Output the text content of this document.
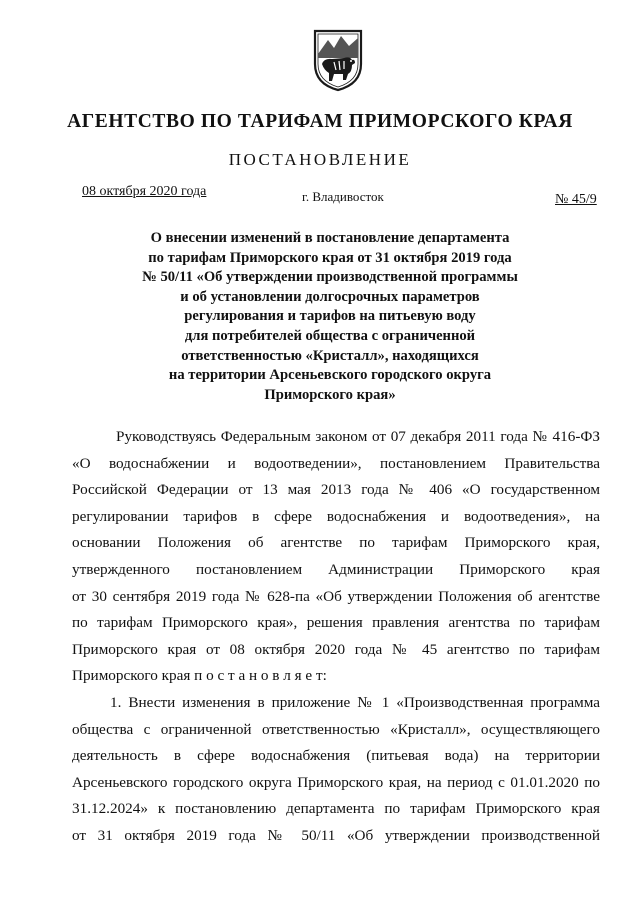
АГЕНТСТВО ПО ТАРИФАМ ПРИМОРСКОГО КРАЯ
ПОСТАНОВЛЕНИЕ
08 октября 2020 года	г. Владивосток	№ 45/9
О внесении изменений в постановление департамента
по тарифам Приморского края от 31 октября 2019 года
№ 50/11 «Об утверждении производственной программы
и об установлении долгосрочных параметров
регулирования и тарифов на питьевую воду
для потребителей общества с ограниченной
ответственностью «Кристалл», находящихся
на территории Арсеньевского городского округа
Приморского края»
Руководствуясь Федеральным законом от 07 декабря 2011 года № 416-ФЗ
«О водоснабжении и водоотведении», постановлением Правительства
Российской Федерации от 13 мая 2013 года № 406 «О государственном
регулировании тарифов в сфере водоснабжения и водоотведения», на
основании Положения об агентстве по тарифам Приморского края,
утвержденного постановлением Администрации Приморского края
от 30 сентября 2019 года № 628-па «Об утверждении Положения об агентстве
по тарифам Приморского края», решения правления агентства по тарифам
Приморского края от 08 октября 2020 года № 45 агентство по тарифам
Приморского края п о с т а н о в л я е т:
1. Внести изменения в приложение № 1 «Производственная программа
общества с ограниченной ответственностью «Кристалл», осуществляющего
деятельность в сфере водоснабжения (питьевая вода) на территории
Арсеньевского городского округа Приморского края, на период с 01.01.2020 по
31.12.2024» к постановлению департамента по тарифам Приморского края
от 31 октября 2019 года № 50/11 «Об утверждении производственной
